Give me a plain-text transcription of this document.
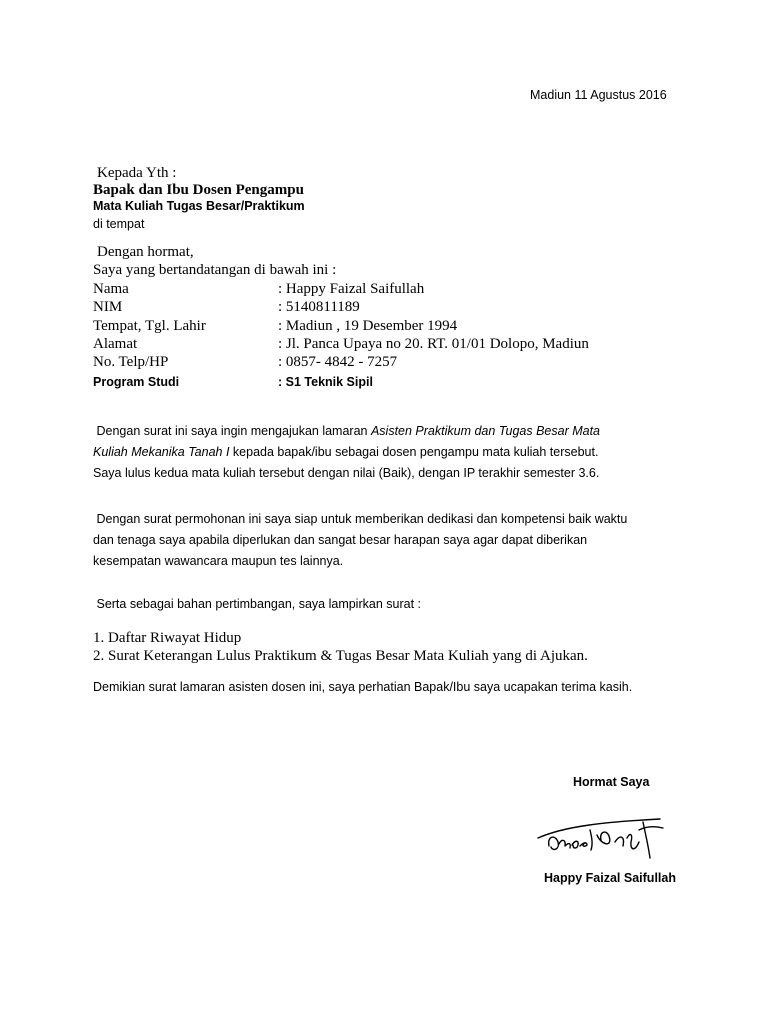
Madiun 11 Agustus 2016
Kepada Yth :
Bapak dan Ibu Dosen Pengampu
Mata Kuliah Tugas Besar/Praktikum
di tempat
Dengan hormat,
Saya yang bertandatangan di bawah ini :
Nama	: Happy Faizal Saifullah
NIM	: 5140811189
Tempat, Tgl. Lahir	: Madiun , 19 Desember 1994
Alamat	: Jl. Panca Upaya no 20. RT. 01/01 Dolopo, Madiun
No. Telp/HP	: 0857- 4842 - 7257
Program Studi	: S1 Teknik Sipil

Dengan surat ini saya ingin mengajukan lamaran Asisten Praktikum dan Tugas Besar Mata

Kuliah Mekanika Tanah I kepada bapak/ibu sebagai dosen pengampu mata kuliah tersebut.

Saya lulus kedua mata kuliah tersebut dengan nilai (Baik), dengan IP terakhir semester 3.6.

Dengan surat permohonan ini saya siap untuk memberikan dedikasi dan kompetensi baik waktu

dan tenaga saya apabila diperlukan dan sangat besar harapan saya agar dapat diberikan

kesempatan wawancara maupun tes lainnya.

Serta sebagai bahan pertimbangan, saya lampirkan surat :
1 . Daftar Riwayat Hidup
2 . Surat Keterangan Lulus Praktikum & Tugas Besar Mata Kuliah yang di Ajukan.
Demikian surat lamaran asisten dosen ini, saya perhatian Bapak/Ibu saya ucapakan terima kasih.
Hormat Saya
Happy Faizal Saifullah
